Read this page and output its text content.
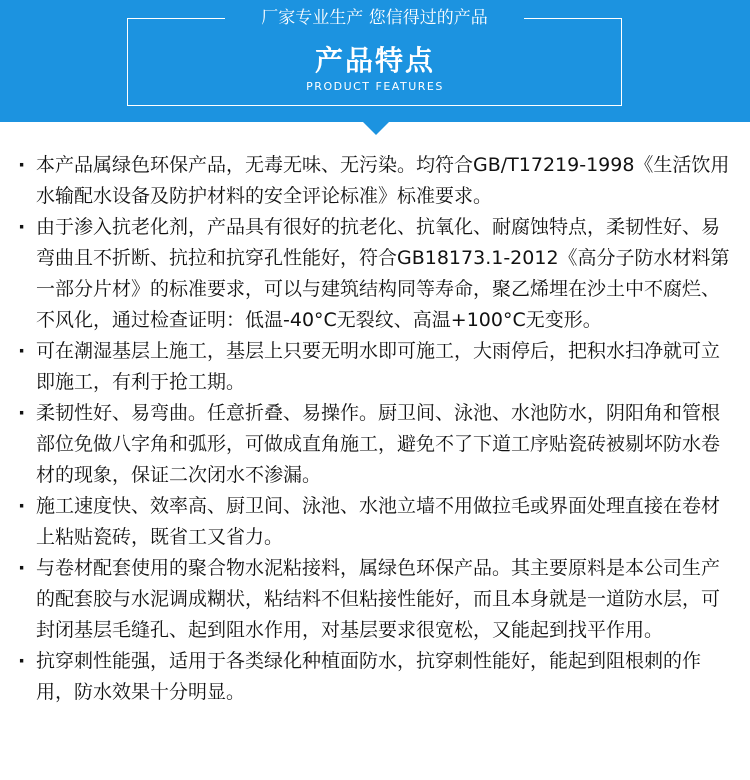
厂家专业生产 您信得过的产品
产品特点
PRODUCT FEATURES
· 本产品属绿色环保产品，无毒无味、无污染。均符合GB/T17219-1998《生活饮用水输配水设备及防护材料的安全评论标准》标准要求。
· 由于渗入抗老化剂，产品具有很好的抗老化、抗氧化、耐腐蚀特点，柔韧性好、易弯曲且不折断、抗拉和抗穿孔性能好，符合GB18173.1-2012《高分子防水材料第一部分片材》的标准要求，可以与建筑结构同等寿命，聚乙烯埋在沙土中不腐烂、不风化，通过检查证明：低温-40°C无裂纹、高温+100°C无变形。
· 可在潮湿基层上施工，基层上只要无明水即可施工，大雨停后，把积水扫净就可立即施工，有利于抢工期。
· 柔韧性好、易弯曲。任意折叠、易操作。厨卫间、泳池、水池防水，阴阳角和管根部位免做八字角和弧形，可做成直角施工，避免不了下道工序贴瓷砖被剔坏防水卷材的现象，保证二次闭水不渗漏。
· 施工速度快、效率高、厨卫间、泳池、水池立墙不用做拉毛或界面处理直接在卷材上粘贴瓷砖，既省工又省力。
· 与卷材配套使用的聚合物水泥粘接料，属绿色环保产品。其主要原料是本公司生产的配套胶与水泥调成糊状，粘结料不但粘接性能好，而且本身就是一道防水层，可封闭基层毛缝孔、起到阻水作用，对基层要求很宽松，又能起到找平作用。
· 抗穿刺性能强，适用于各类绿化种植面防水，抗穿刺性能好，能起到阻根刺的作用，防水效果十分明显。
